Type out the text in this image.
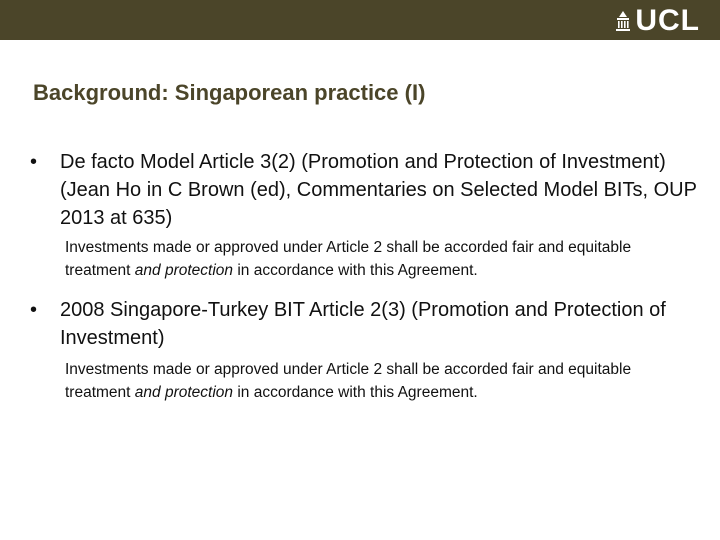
UCL
Background: Singaporean practice (I)
• De facto Model Article 3(2) (Promotion and Protection of Investment) (Jean Ho in C Brown (ed), Commentaries on Selected Model BITs, OUP 2013 at 635)
Investments made or approved under Article 2 shall be accorded fair and equitable treatment and protection in accordance with this Agreement.
• 2008 Singapore-Turkey BIT Article 2(3) (Promotion and Protection of Investment)
Investments made or approved under Article 2 shall be accorded fair and equitable treatment and protection in accordance with this Agreement.
